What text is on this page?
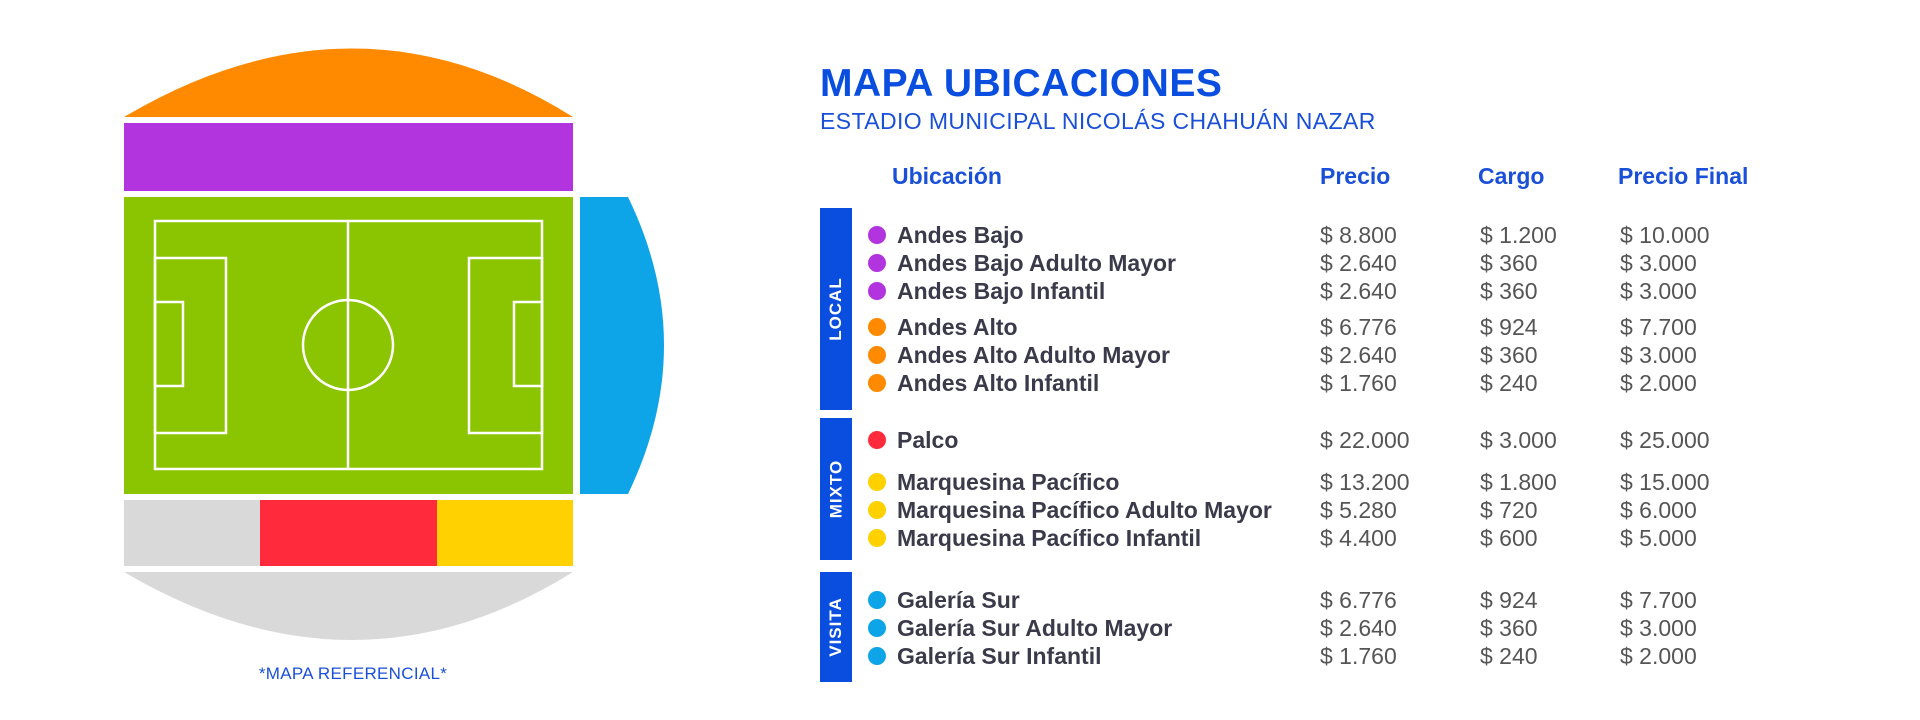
*MAPA REFERENCIAL*
MAPA UBICACIONES
ESTADIO MUNICIPAL NICOLÁS CHAHUÁN NAZAR
Ubicación	Precio	Cargo	Precio Final
LOCAL
MIXTO
VISITA
Andes Bajo	$ 8.800	$ 1.200	$ 10.000
Andes Bajo Adulto Mayor	$ 2.640	$ 360	$ 3.000
Andes Bajo Infantil	$ 2.640	$ 360	$ 3.000
Andes Alto	$ 6.776	$ 924	$ 7.700
Andes Alto Adulto Mayor	$ 2.640	$ 360	$ 3.000
Andes Alto Infantil	$ 1.760	$ 240	$ 2.000
Palco	$ 22.000	$ 3.000	$ 25.000
Marquesina Pacífico	$ 13.200	$ 1.800	$ 15.000
Marquesina Pacífico Adulto Mayor $ 5.280	$ 720	$ 6.000
Marquesina Pacífico Infantil	$ 4.400	$ 600	$ 5.000
Galería Sur	$ 6.776	$ 924	$ 7.700
Galería Sur Adulto Mayor	$ 2.640	$ 360	$ 3.000
Galería Sur Infantil	$ 1.760	$ 240	$ 2.000
